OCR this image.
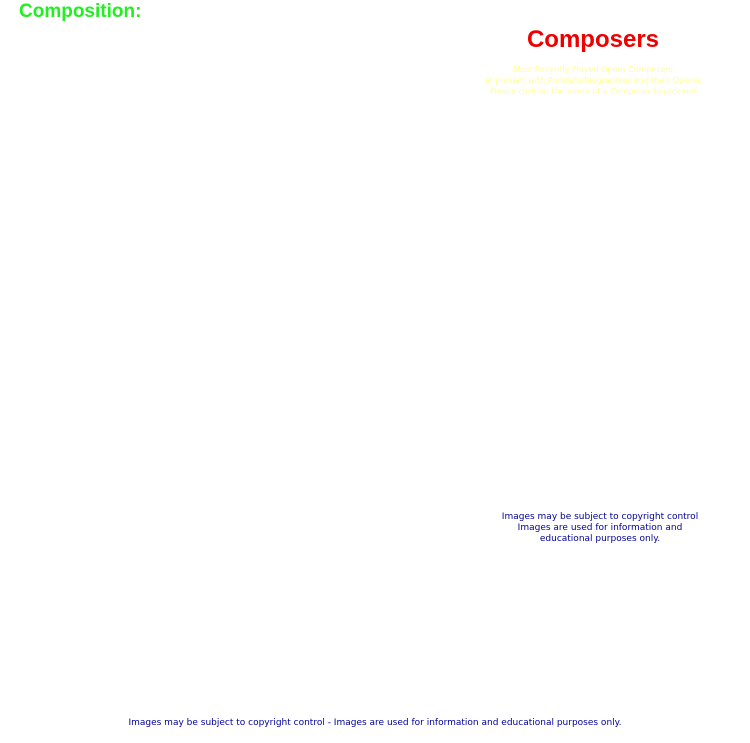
Composition:
Composers
Most Recently Played Opera Composers
at present with Portraits/Biographies and their Operas
Please click on the name of a Composer to proceed
Images may be subject to copyright control
Images are used for information and
educational purposes only.
Images may be subject to copyright control - Images are used for information and educational purposes only.
